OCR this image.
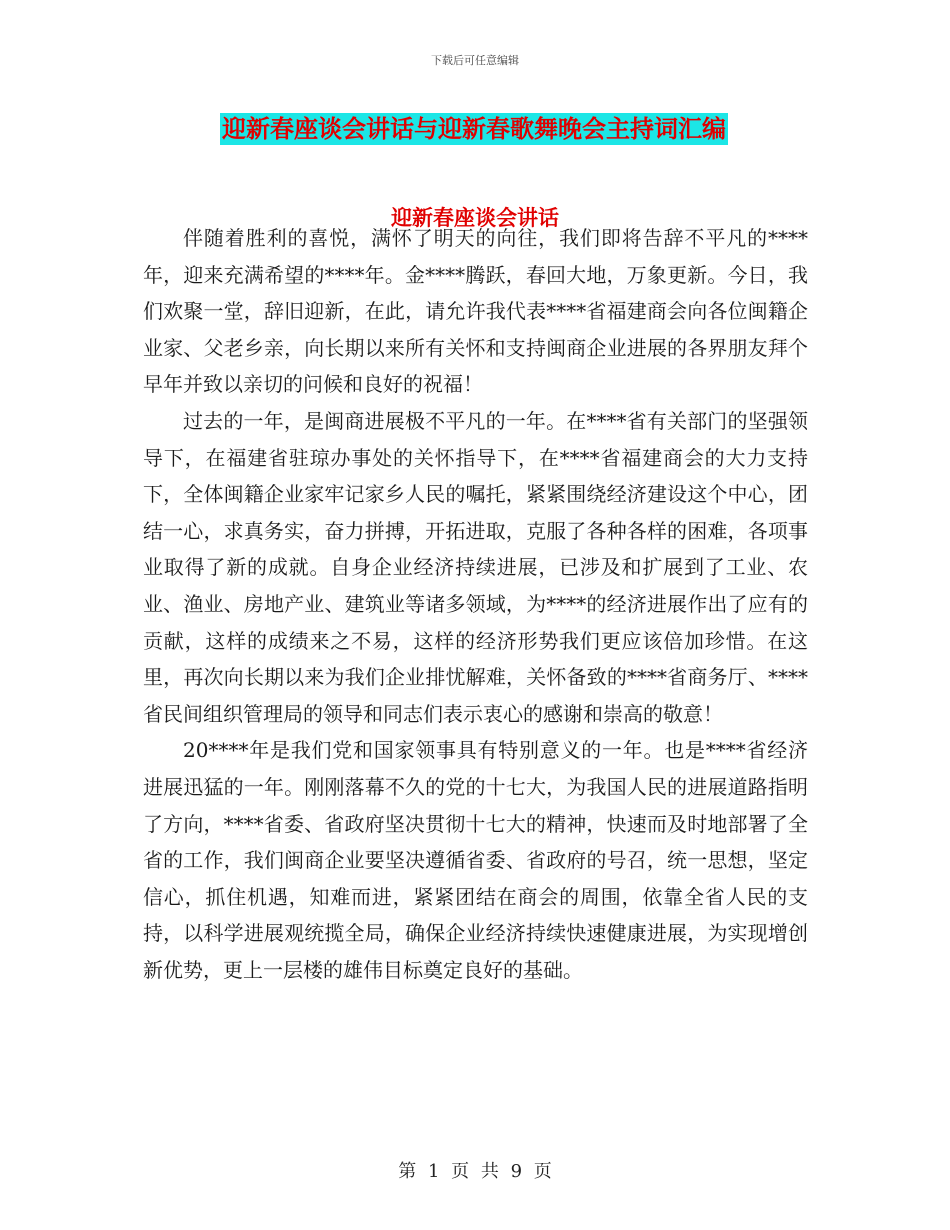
下载后可任意编辑
迎新春座谈会讲话与迎新春歌舞晚会主持词汇编
迎新春座谈会讲话

伴随着胜利的喜悦，满怀了明天的向往，我们即将告辞不平凡的****年，迎来充满希望的****年。金****腾跃，春回大地，万象更新。今日，我们欢聚一堂，辞旧迎新，在此，请允许我代表****省福建商会向各位闽籍企业家、父老乡亲，向长期以来所有关怀和支持闽商企业进展的各界朋友拜个早年并致以亲切的问候和良好的祝福！

过去的一年，是闽商进展极不平凡的一年。在****省有关部门的坚强领导下，在福建省驻琼办事处的关怀指导下，在****省福建商会的大力支持下，全体闽籍企业家牢记家乡人民的嘱托，紧紧围绕经济建设这个中心，团结一心，求真务实，奋力拼搏，开拓进取，克服了各种各样的困难，各项事业取得了新的成就。自身企业经济持续进展，已涉及和扩展到了工业、农业、渔业、房地产业、建筑业等诸多领域，为****的经济进展作出了应有的贡献，这样的成绩来之不易，这样的经济形势我们更应该倍加珍惜。在这里，再次向长期以来为我们企业排忧解难，关怀备致的****省商务厅、****省民间组织管理局的领导和同志们表示衷心的感谢和崇高的敬意！

20****年是我们党和国家领事具有特别意义的一年。也是****省经济进展迅猛的一年。刚刚落幕不久的党的十七大，为我国人民的进展道路指明了方向，****省委、省政府坚决贯彻十七大的精神，快速而及时地部署了全省的工作，我们闽商企业要坚决遵循省委、省政府的号召，统一思想，坚定信心，抓住机遇，知难而进，紧紧团结在商会的周围，依靠全省人民的支持，以科学进展观统揽全局，确保企业经济持续快速健康进展，为实现增创新优势，更上一层楼的雄伟目标奠定良好的基础。

第 1 页 共 9 页
